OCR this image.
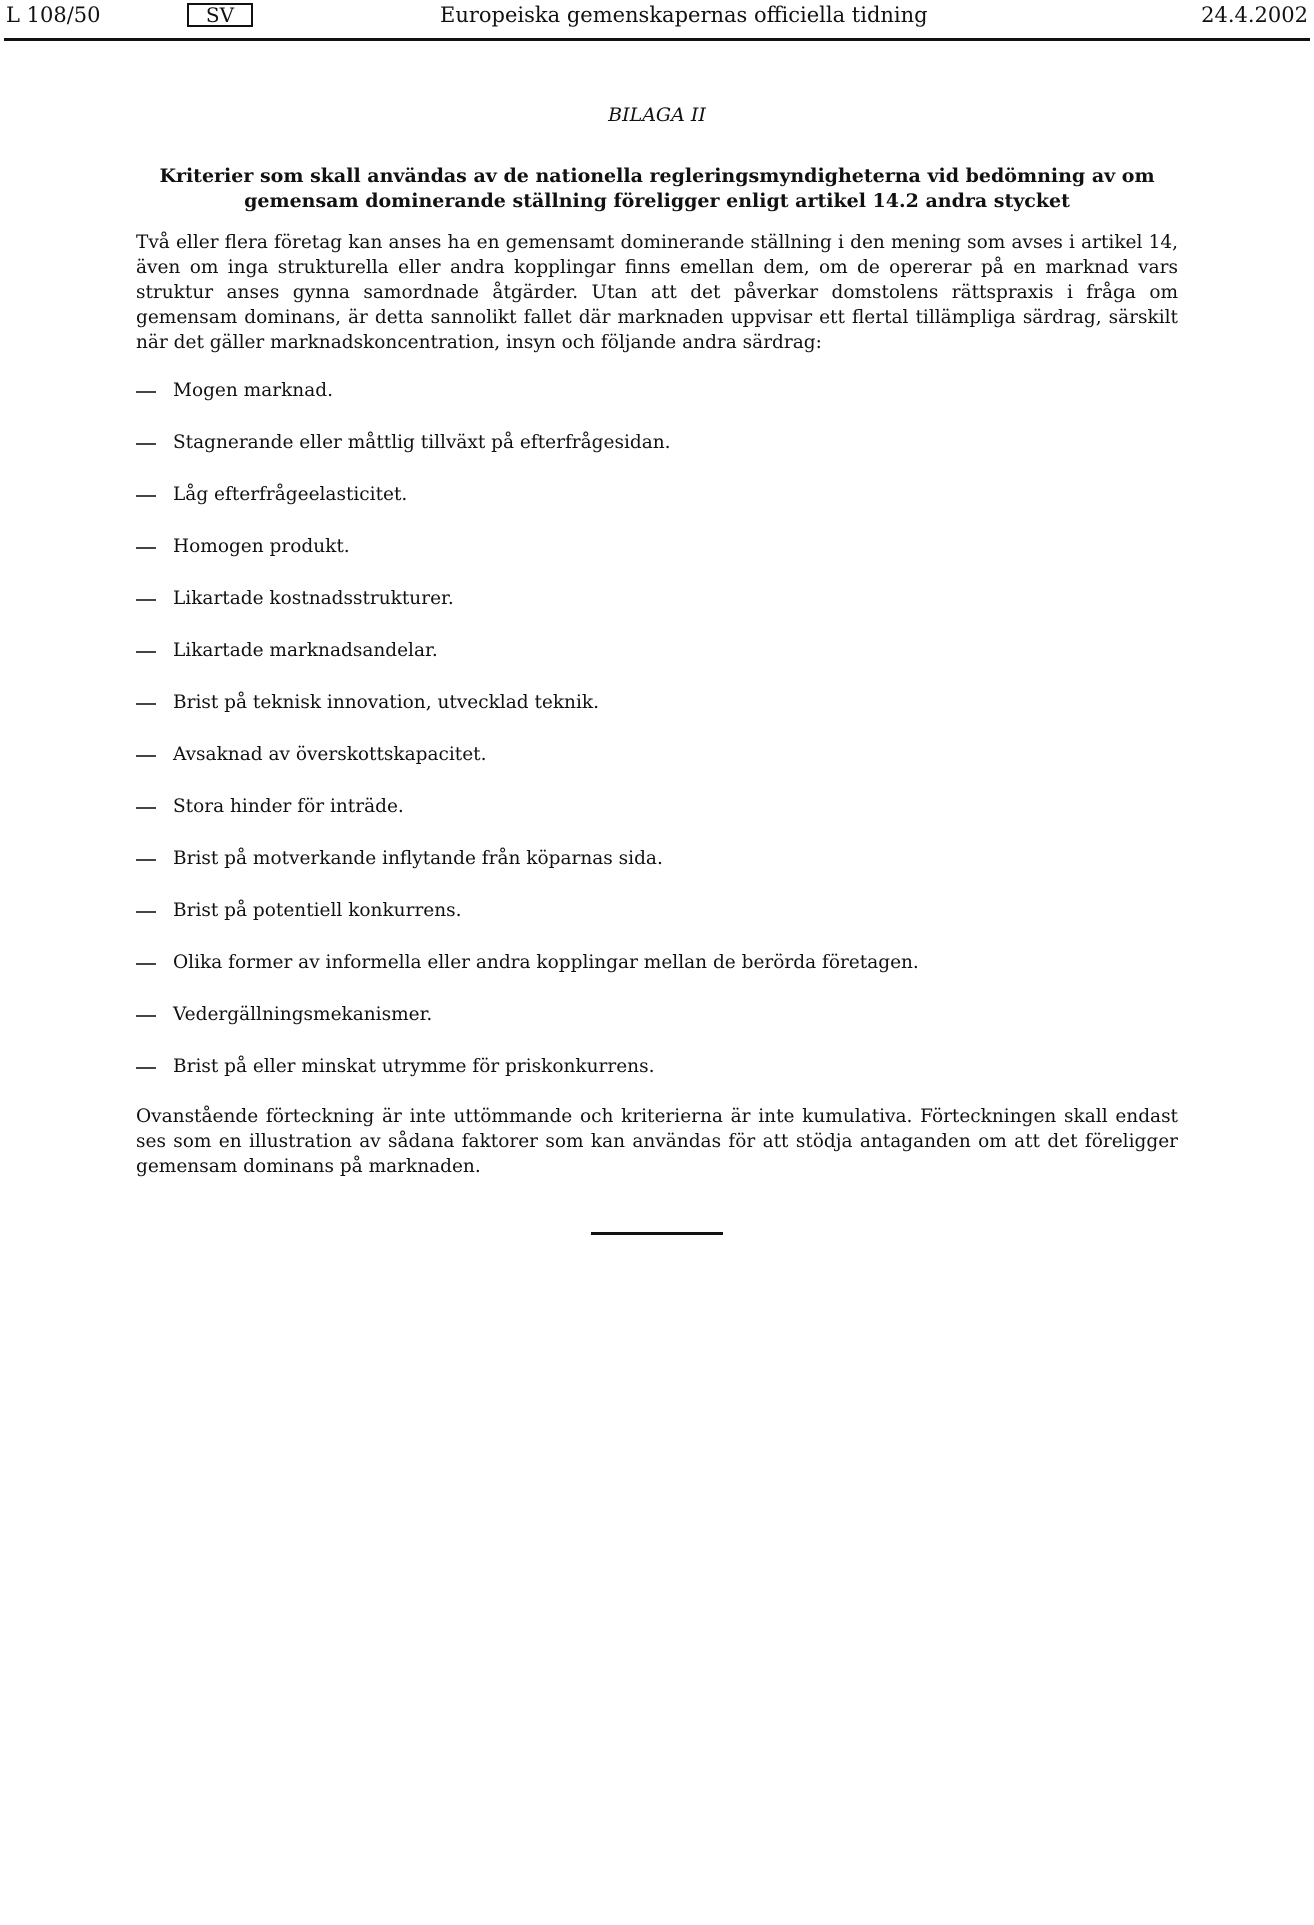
L 108/50	SV	Europeiska gemenskapernas officiella tidning	24.4.2002
BILAGA II
Kriterier som skall användas av de nationella regleringsmyndigheterna vid bedömning av om gemensam dominerande ställning föreligger enligt artikel 14.2 andra stycket
Två eller flera företag kan anses ha en gemensamt dominerande ställning i den mening som avses i artikel 14, även om inga strukturella eller andra kopplingar finns emellan dem, om de opererar på en marknad vars struktur anses gynna samordnade åtgärder. Utan att det påverkar domstolens rättspraxis i fråga om gemensam dominans, är detta sannolikt fallet där marknaden uppvisar ett flertal tillämpliga särdrag, särskilt när det gäller marknadskoncentration, insyn och följande andra särdrag:
Mogen marknad.
Stagnerande eller måttlig tillväxt på efterfrågesidan.
Låg efterfrågeelasticitet.
Homogen produkt.
Likartade kostnadsstrukturer.
Likartade marknadsandelar.
Brist på teknisk innovation, utvecklad teknik.
Avsaknad av överskottskapacitet.
Stora hinder för inträde.
Brist på motverkande inflytande från köparnas sida.
Brist på potentiell konkurrens.
Olika former av informella eller andra kopplingar mellan de berörda företagen.
Vedergällningsmekanismer.
Brist på eller minskat utrymme för priskonkurrens.
Ovanstående förteckning är inte uttömmande och kriterierna är inte kumulativa. Förteckningen skall endast ses som en illustration av sådana faktorer som kan användas för att stödja antaganden om att det föreligger gemensam dominans på marknaden.
